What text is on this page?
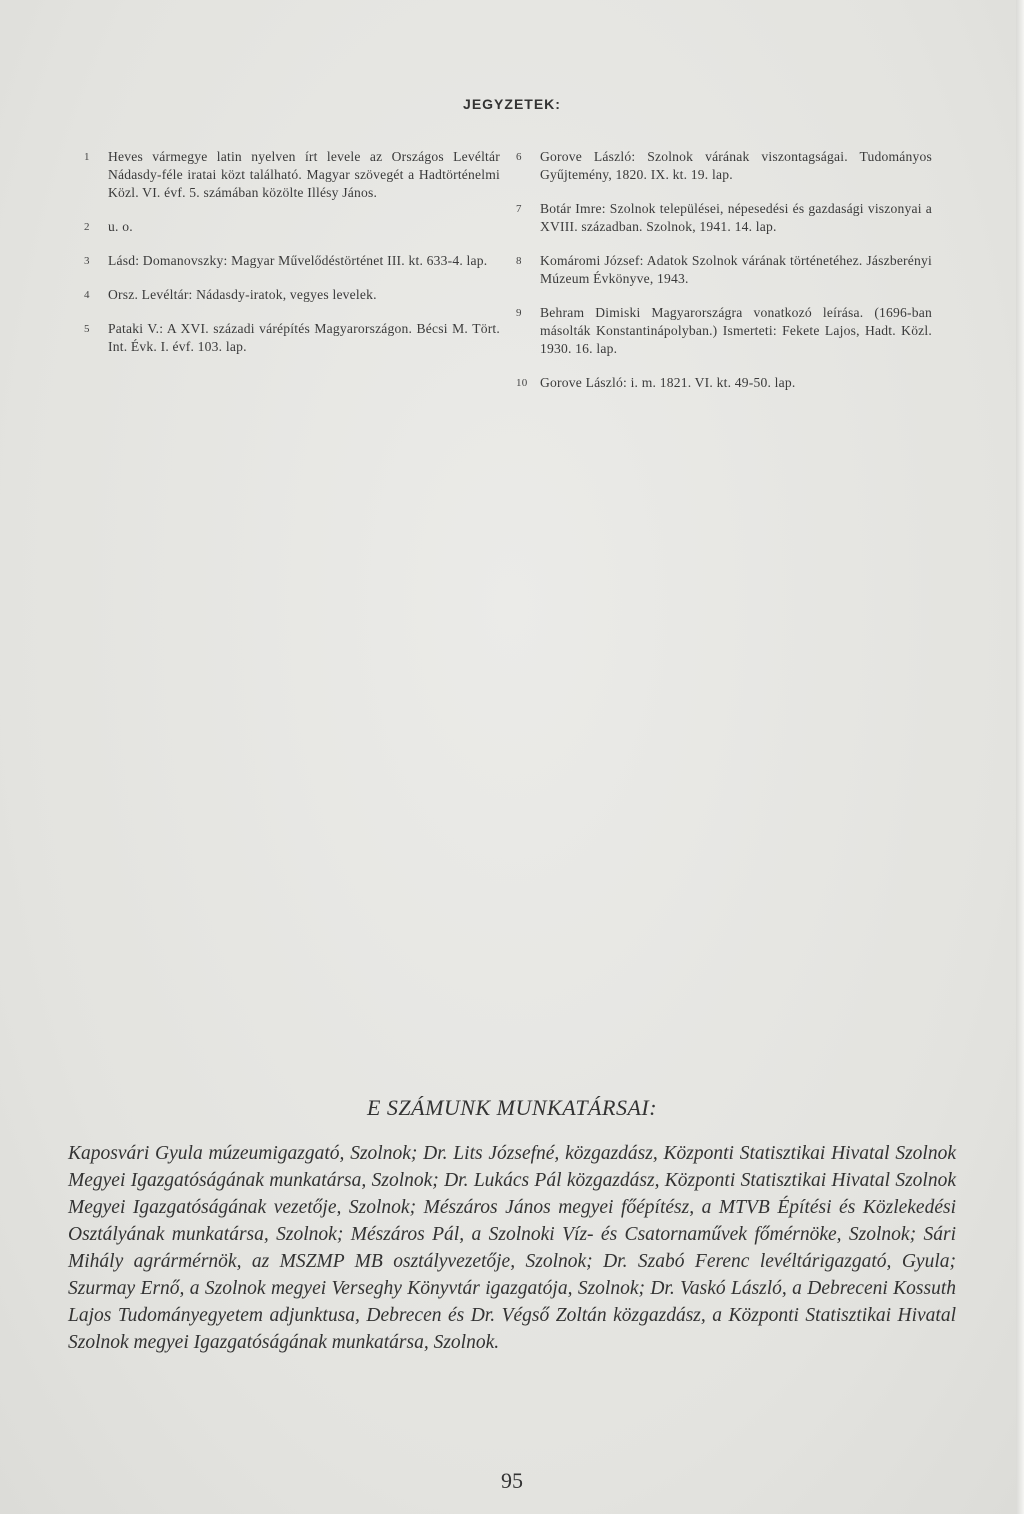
JEGYZETEK:
1 Heves vármegye latin nyelven írt levele az Országos Levéltár Nádasdy-féle iratai közt található. Magyar szövegét a Hadtörténelmi Közl. VI. évf. 5. számában közölte Illésy János.
2 u. o.
3 Lásd: Domanovszky: Magyar Művelődéstörténet III. kt. 633-4. lap.
4 Orsz. Levéltár: Nádasdy-iratok, vegyes levelek.
5 Pataki V.: A XVI. századi várépítés Magyarországon. Bécsi M. Tört. Int. Évk. I. évf. 103. lap.
6 Gorove László: Szolnok várának viszontagságai. Tudományos Gyűjtemény, 1820. IX. kt. 19. lap.
7 Botár Imre: Szolnok települései, népesedési és gazdasági viszonyai a XVIII. században. Szolnok, 1941. 14. lap.
8 Komáromi József: Adatok Szolnok várának történetéhez. Jászberényi Múzeum Évkönyve, 1943.
9 Behram Dimiski Magyarországra vonatkozó leírása. (1696-ban másolták Konstantinápolyban.) Ismerteti: Fekete Lajos, Hadt. Közl. 1930. 16. lap.
10 Gorove László: i. m. 1821. VI. kt. 49-50. lap.
E SZÁMUNK MUNKATÁRSAI:
Kaposvári Gyula múzeumigazgató, Szolnok; Dr. Lits Józsefné, közgazdász, Központi Statisztikai Hivatal Szolnok Megyei Igazgatóságának munkatársa, Szolnok; Dr. Lukács Pál közgazdász, Központi Statisztikai Hivatal Szolnok Megyei Igazgatóságának vezetője, Szolnok; Mészáros János megyei főépítész, a MTVB Építési és Közlekedési Osztályának munkatársa, Szolnok; Mészáros Pál, a Szolnoki Víz- és Csatornaművek főmérnöke, Szolnok; Sári Mihály agrármérnök, az MSZMP MB osztályvezetője, Szolnok; Dr. Szabó Ferenc levéltárigazgató, Gyula; Szurmay Ernő, a Szolnok megyei Verseghy Könyvtár igazgatója, Szolnok; Dr. Vaskó László, a Debreceni Kossuth Lajos Tudományegyetem adjunktusa, Debrecen és Dr. Végső Zoltán közgazdász, a Központi Statisztikai Hivatal Szolnok megyei Igazgatóságának munkatársa, Szolnok.
95
